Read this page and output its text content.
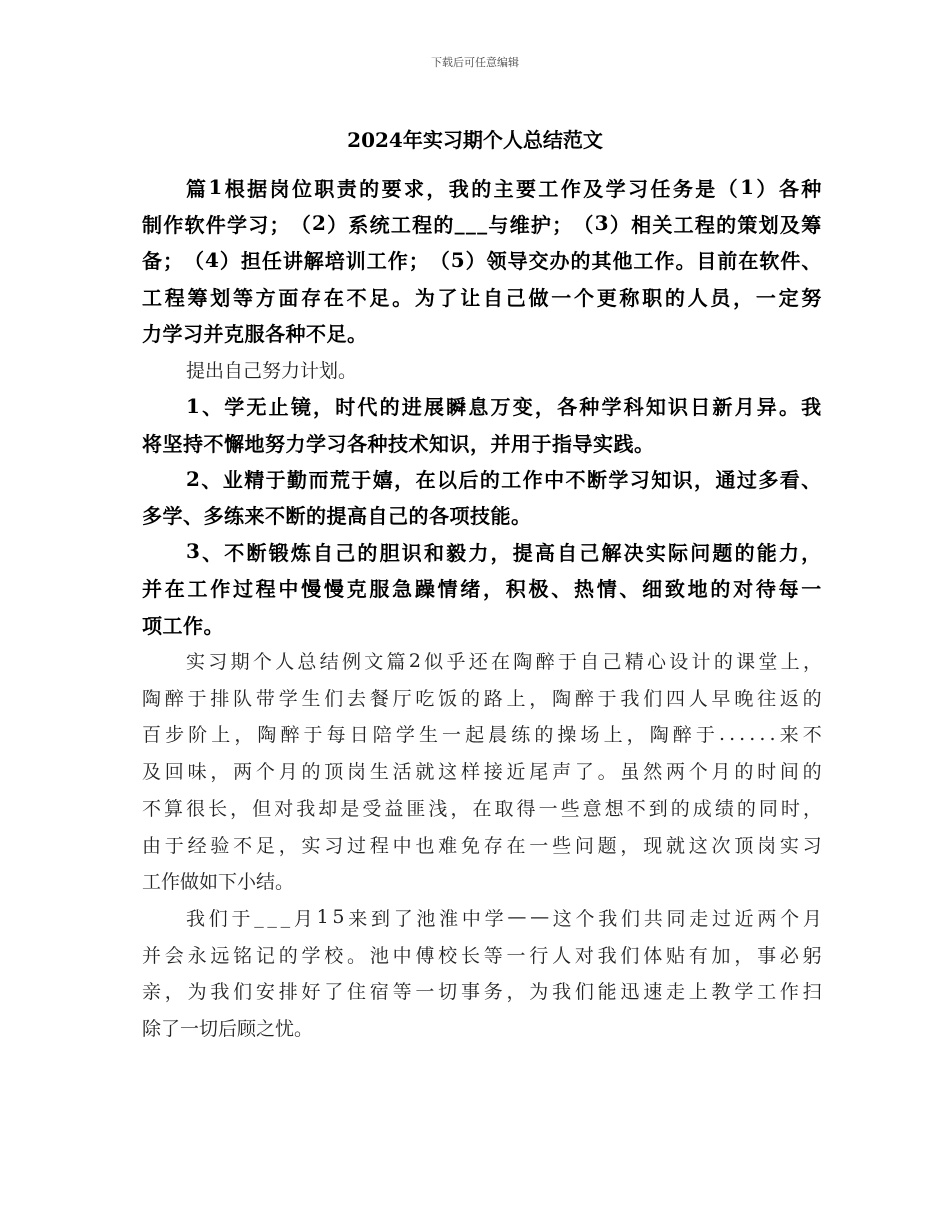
下载后可任意编辑
2024年实习期个人总结范文
篇 1 根 据 岗 位 职 责 的 要 求 ， 我 的 主 要 工 作 及 学 习 任 务 是 （ 1 ） 各 种
制 作 软 件 学 习 ； （ 2 ） 系 统 工 程 的 _ _ _ 与 维 护 ； （ 3 ） 相 关 工 程 的 策 划 及 筹
备 ； （ 4 ） 担 任 讲 解 培 训 工 作 ； （ 5 ） 领 导 交 办 的 其 他 工 作 。 目 前 在 软 件 、
工 程 筹 划 等 方 面 存 在 不 足 。 为 了 让 自 己 做 一 个 更 称 职 的 人 员 ， 一 定 努
力学习并克服各种不足。
提出自己努力计划。
1 、 学 无 止 镜 ， 时 代 的 进 展 瞬 息 万 变 ， 各 种 学 科 知 识 日 新 月 异 。 我
将坚持不懈地努力学习各种技术知识，并用于指导实践。
2 、 业 精 于 勤 而 荒 于 嬉 ， 在 以 后 的 工 作 中 不 断 学 习 知 识 ， 通 过 多 看 、
多学、多练来不断的提高自己的各项技能。
3 、 不 断 锻 炼 自 己 的 胆 识 和 毅 力 ， 提 高 自 己 解 决 实 际 问 题 的 能 力 ，
并 在 工 作 过 程 中 慢 慢 克 服 急 躁 情 绪 ， 积 极 、 热 情 、 细 致 地 的 对 待 每 一
项工作。
实 习 期 个 人 总 结 例 文 篇 2 似 乎 还 在 陶 醉 于 自 己 精 心 设 计 的 课 堂 上 ，
陶 醉 于 排 队 带 学 生 们 去 餐 厅 吃 饭 的 路 上 ， 陶 醉 于 我 们 四 人 早 晚 往 返 的
百 步 阶 上 ， 陶 醉 于 每 日 陪 学 生 一 起 晨 练 的 操 场 上 ， 陶 醉 于 . . . . . . 来 不
及 回 味 ， 两 个 月 的 顶 岗 生 活 就 这 样 接 近 尾 声 了 。 虽 然 两 个 月 的 时 间 的
不 算 很 长 ， 但 对 我 却 是 受 益 匪 浅 ， 在 取 得 一 些 意 想 不 到 的 成 绩 的 同 时 ，
由 于 经 验 不 足 ， 实 习 过 程 中 也 难 免 存 在 一 些 问 题 ， 现 就 这 次 顶 岗 实 习
工作做如下小结。
我 们 于 _ _ _ 月 1 5 来 到 了 池 淮 中 学 — — 这 个 我 们 共 同 走 过 近 两 个 月
并 会 永 远 铭 记 的 学 校 。 池 中 傅 校 长 等 一 行 人 对 我 们 体 贴 有 加 ， 事 必 躬
亲 ， 为 我 们 安 排 好 了 住 宿 等 一 切 事 务 ， 为 我 们 能 迅 速 走 上 教 学 工 作 扫
除了一切后顾之忧。
